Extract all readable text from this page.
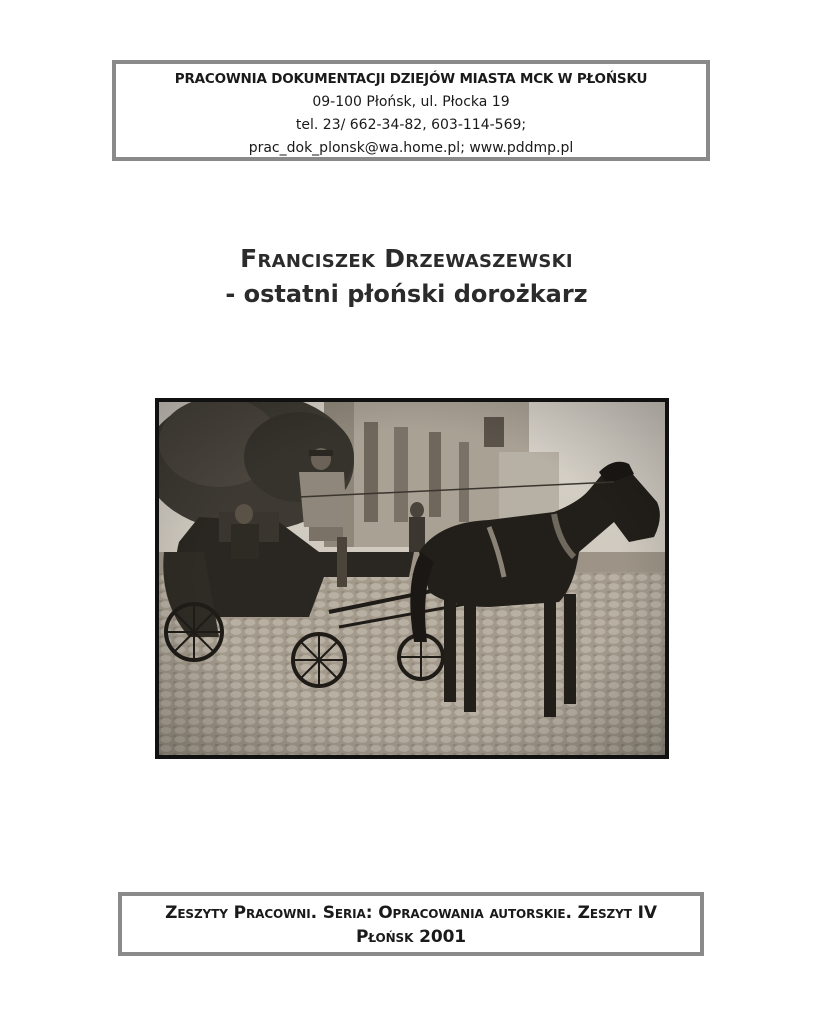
PRACOWNIA DOKUMENTACJI DZIEJÓW MIASTA MCK W PŁOŃSKU
09-100 Płońsk, ul. Płocka 19
tel. 23/ 662-34-82, 603-114-569;
prac_dok_plonsk@wa.home.pl; www.pddmp.pl
Franciszek Drzewaszewski
- ostatni płoński dorożkarz
Zeszyty Pracowni. Seria: Opracowania autorskie. Zeszyt IV
Płońsk 2001
